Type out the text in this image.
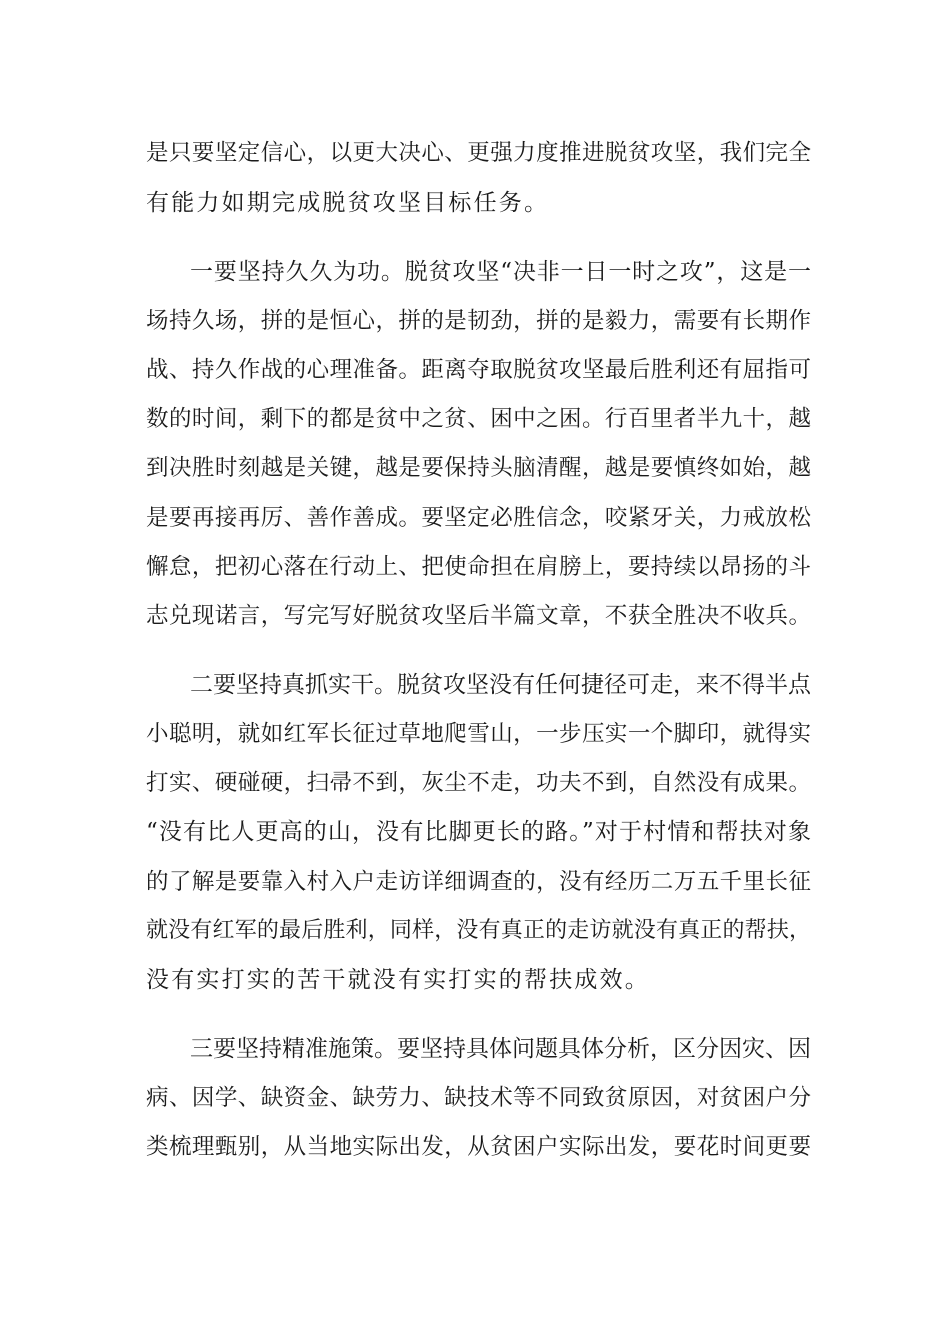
是只要坚定信心，以更大决心、更强力度推进脱贫攻坚，我们完全

有能力如期完成脱贫攻坚目标任务。

一要坚持久久为功。脱贫攻坚“决非一日一时之攻”，这是一

场持久场，拼的是恒心，拼的是韧劲，拼的是毅力，需要有长期作

战、持久作战的心理准备。距离夺取脱贫攻坚最后胜利还有屈指可

数的时间，剩下的都是贫中之贫、困中之困。行百里者半九十，越

到决胜时刻越是关键，越是要保持头脑清醒，越是要慎终如始，越

是要再接再厉、善作善成。要坚定必胜信念，咬紧牙关，力戒放松

懈怠，把初心落在行动上、把使命担在肩膀上，要持续以昂扬的斗

志兑现诺言，写完写好脱贫攻坚后半篇文章，不获全胜决不收兵。

二要坚持真抓实干。脱贫攻坚没有任何捷径可走，来不得半点

小聪明，就如红军长征过草地爬雪山，一步压实一个脚印，就得实

打实、硬碰硬，扫帚不到，灰尘不走，功夫不到，自然没有成果。

“没有比人更高的山，没有比脚更长的路。”对于村情和帮扶对象

的了解是要靠入村入户走访详细调查的，没有经历二万五千里长征

就没有红军的最后胜利，同样，没有真正的走访就没有真正的帮扶，

没有实打实的苦干就没有实打实的帮扶成效。

三要坚持精准施策。要坚持具体问题具体分析，区分因灾、因

病、因学、缺资金、缺劳力、缺技术等不同致贫原因，对贫困户分

类梳理甄别，从当地实际出发，从贫困户实际出发，要花时间更要
